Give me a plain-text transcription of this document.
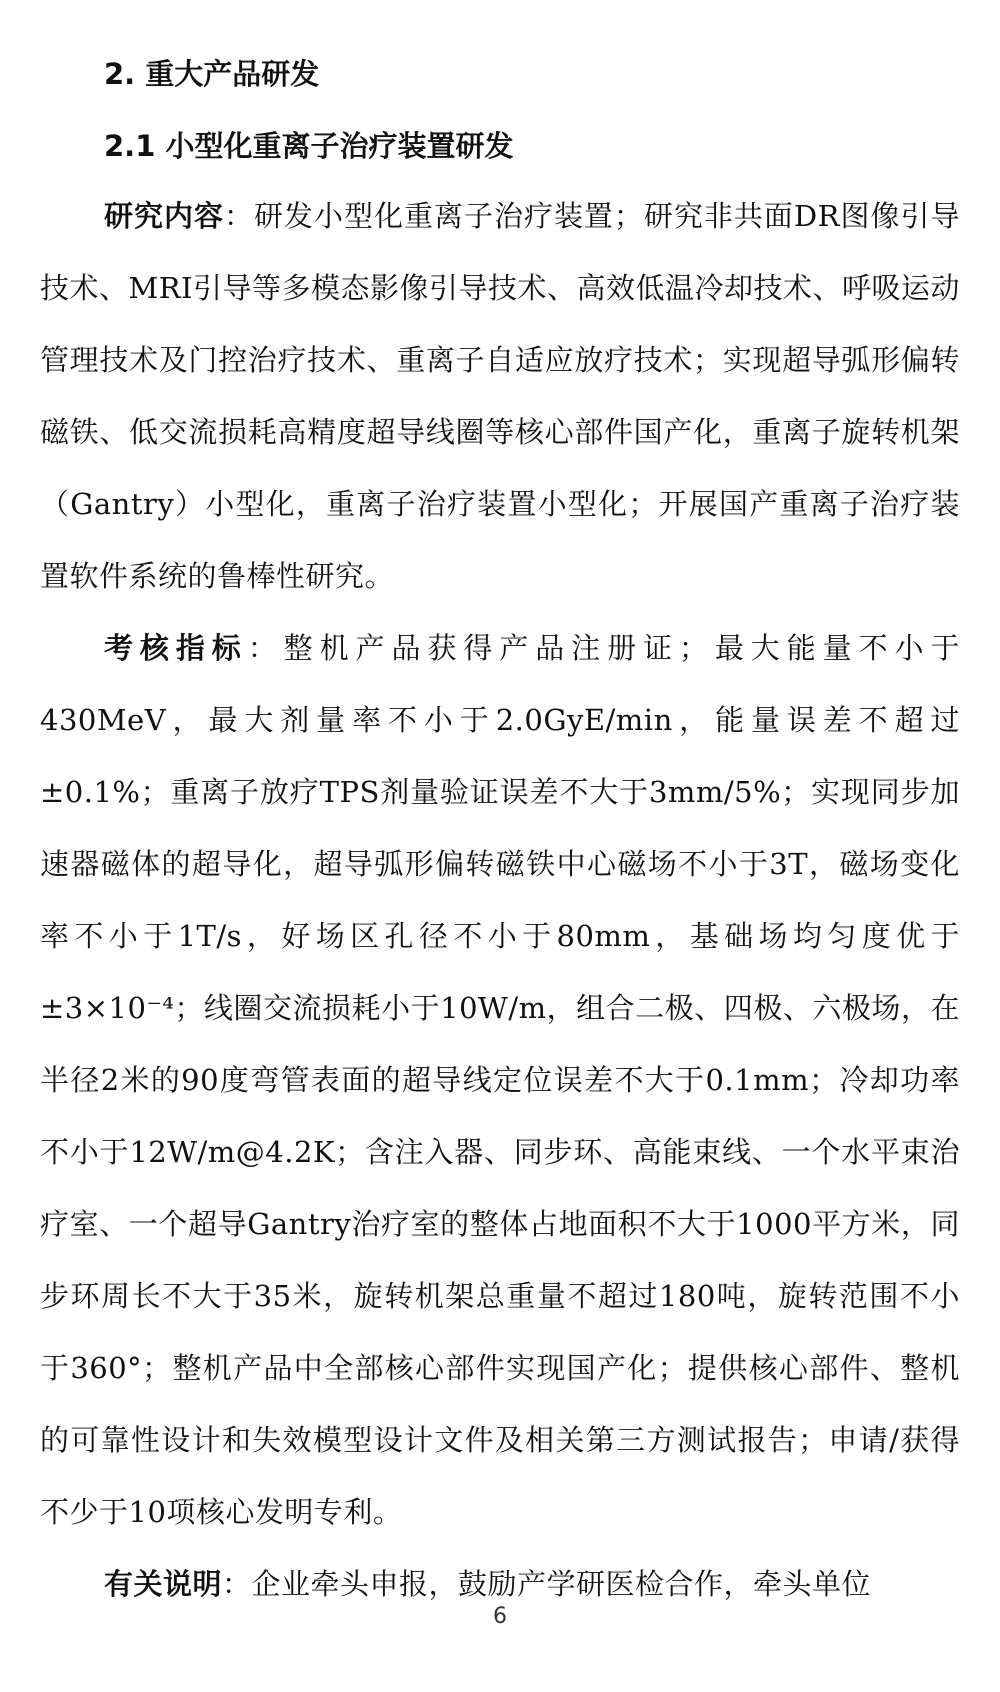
2. 重大产品研发
2.1 小型化重离子治疗装置研发

研究内容：研发小型化重离子治疗装置；研究非共面DR图像引导技术、MRI引导等多模态影像引导技术、高效低温冷却技术、呼吸运动管理技术及门控治疗技术、重离子自适应放疗技术；实现超导弧形偏转磁铁、低交流损耗高精度超导线圈等核心部件国产化，重离子旋转机架（Gantry）小型化，重离子治疗装置小型化；开展国产重离子治疗装置软件系统的鲁棒性研究。

考核指标：整机产品获得产品注册证；最大能量不小于430MeV，最大剂量率不小于2.0GyE/min，能量误差不超过±0.1%；重离子放疗TPS剂量验证误差不大于3mm/5%；实现同步加速器磁体的超导化，超导弧形偏转磁铁中心磁场不小于3T，磁场变化率不小于1T/s，好场区孔径不小于80mm，基础场均匀度优于±3×10⁻⁴；线圈交流损耗小于10W/m，组合二极、四极、六极场，在半径2米的90度弯管表面的超导线定位误差不大于0.1mm；冷却功率不小于12W/m@4.2K；含注入器、同步环、高能束线、一个水平束治疗室、一个超导Gantry治疗室的整体占地面积不大于1000平方米，同步环周长不大于35米，旋转机架总重量不超过180吨，旋转范围不小于360°；整机产品中全部核心部件实现国产化；提供核心部件、整机的可靠性设计和失效模型设计文件及相关第三方测试报告；申请/获得不少于10项核心发明专利。

有关说明：企业牵头申报，鼓励产学研医检合作，牵头单位

6
